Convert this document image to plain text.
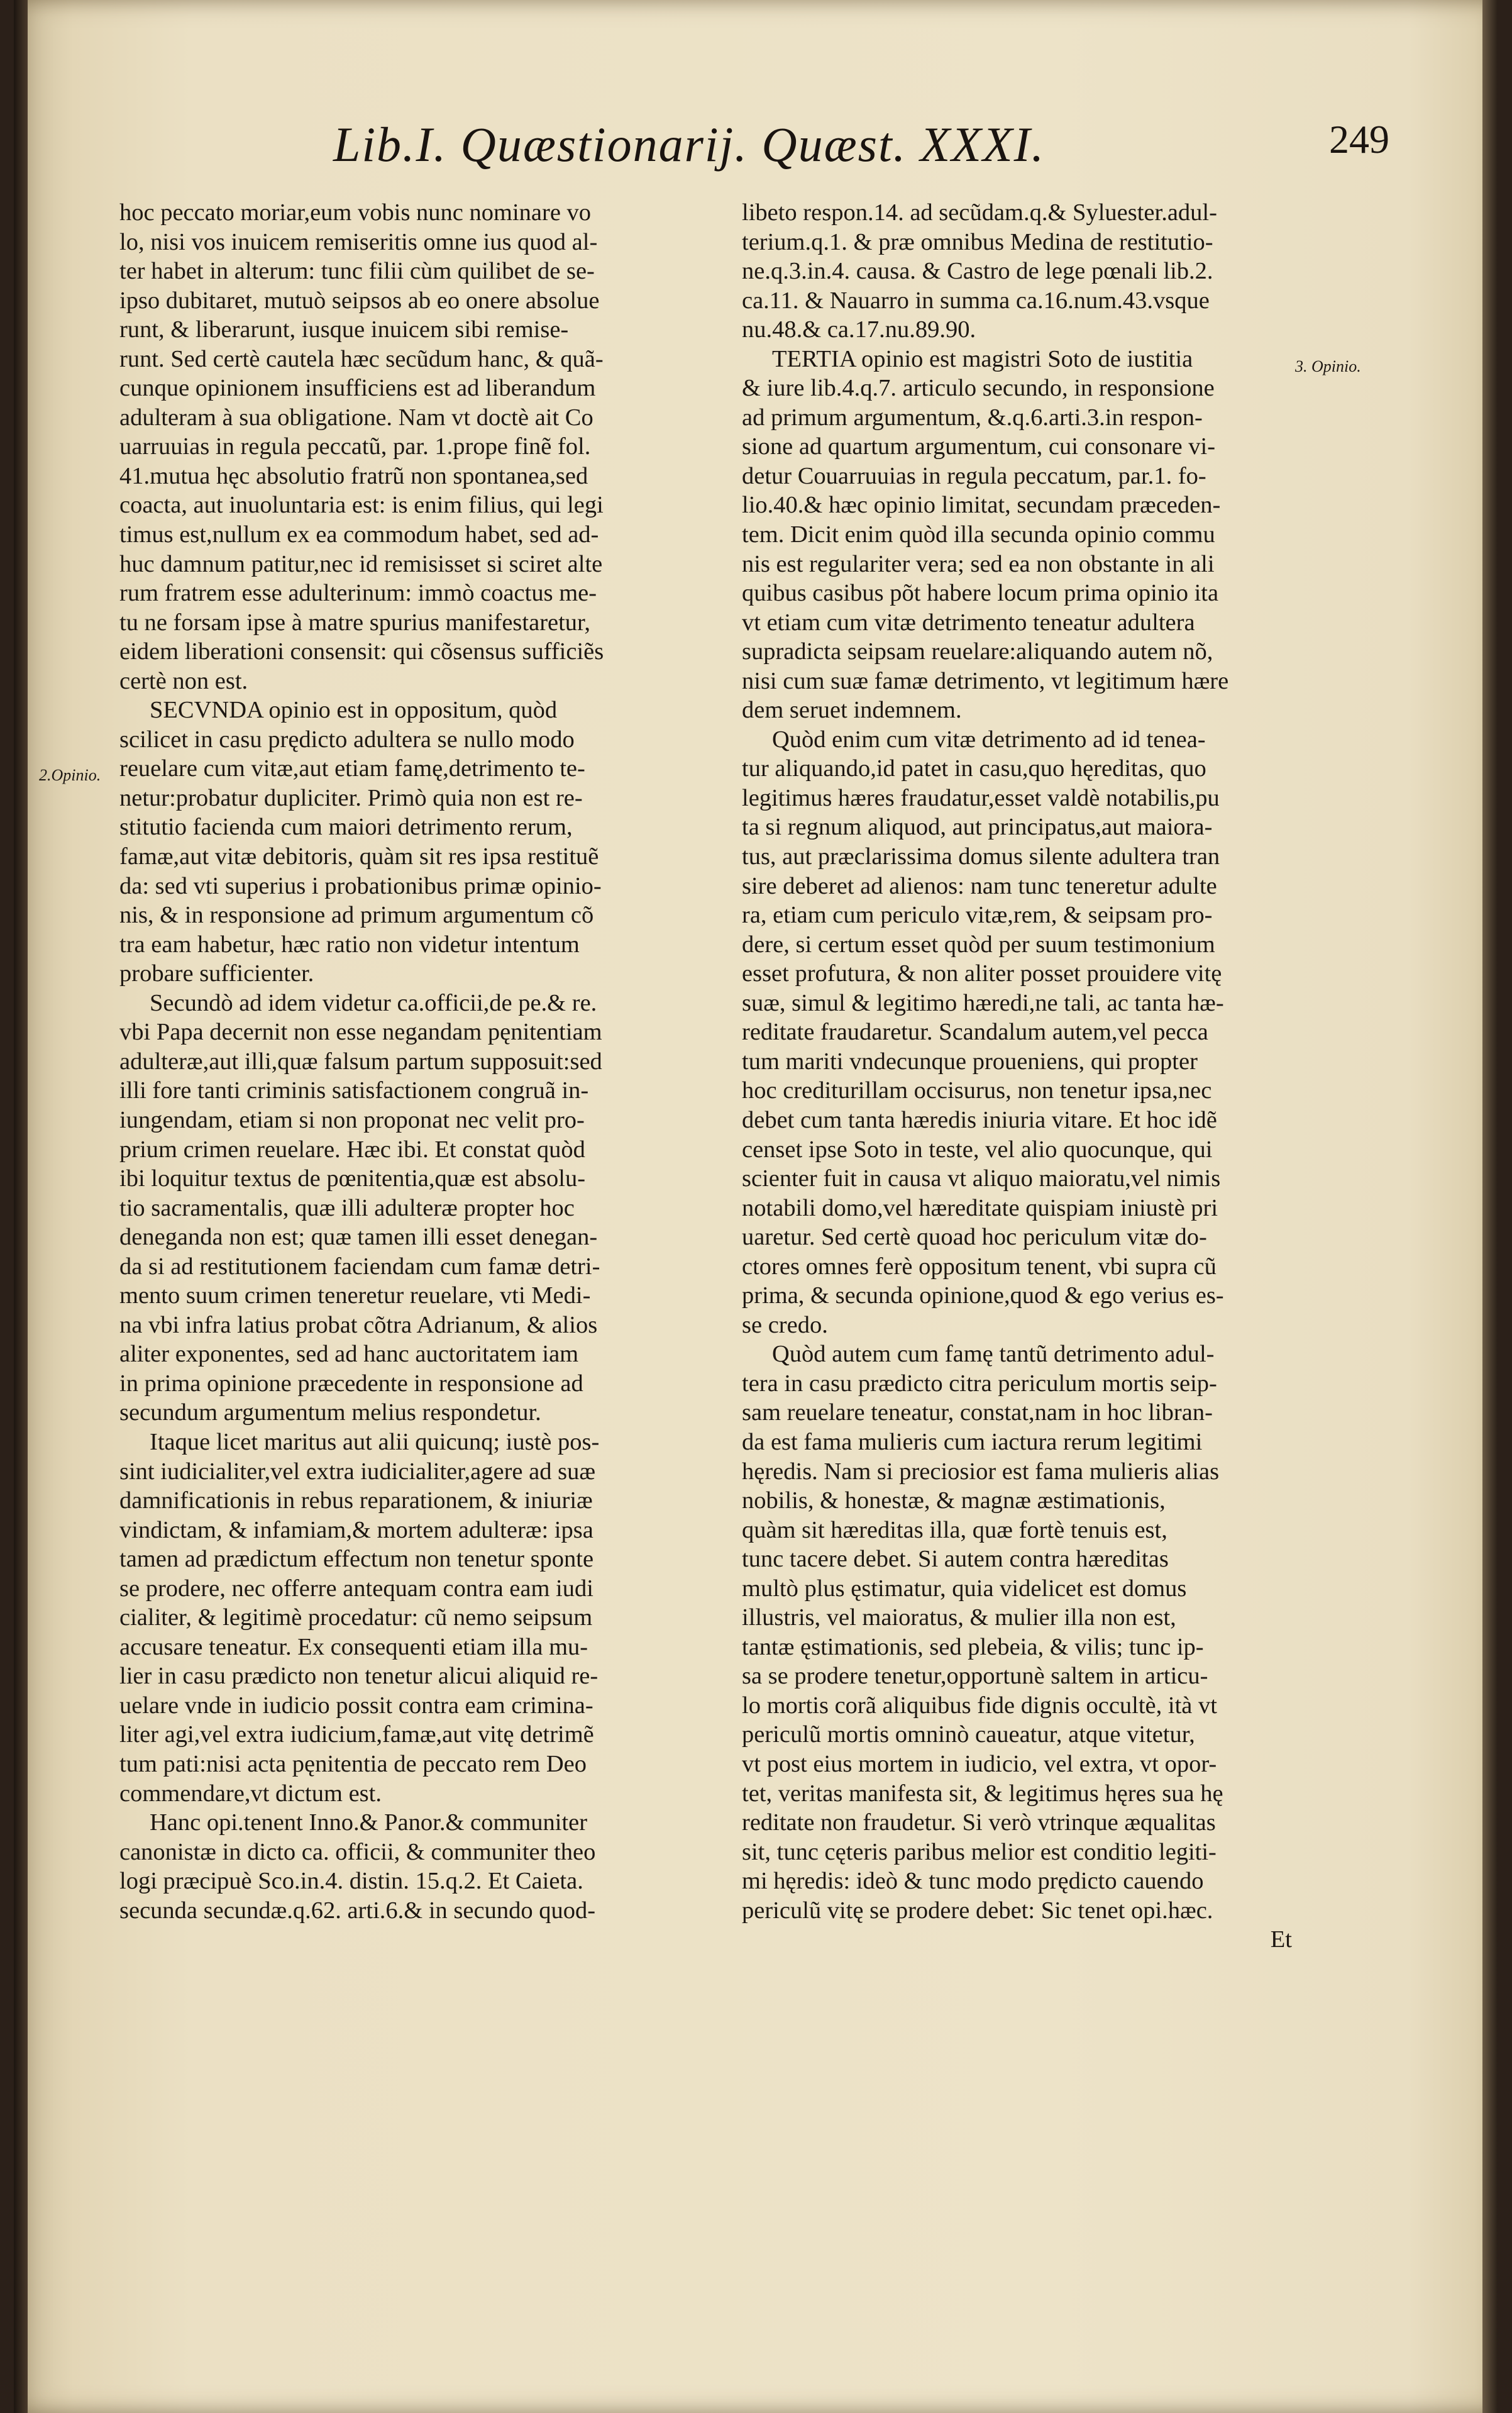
Lib.I. Quæstionarij. Quæst. XXXI.	249
2.Opinio.
3. Opinio.

hoc peccato moriar,eum vobis nunc nominare vo

lo, nisi vos inuicem remiseritis omne ius quod al-

ter habet in alterum: tunc filii cùm quilibet de se-

ipso dubitaret, mutuò seipsos ab eo onere absolue

runt, & liberarunt, iusque inuicem sibi remise-

runt. Sed certè cautela hæc secũdum hanc, & quã-

cunque opinionem insufficiens est ad liberandum

adulteram à sua obligatione. Nam vt doctè ait Co

uarruuias in regula peccatũ, par. 1.prope finẽ fol.

41.mutua hęc absolutio fratrũ non spontanea,sed

coacta, aut inuoluntaria est: is enim filius, qui legi

timus est,nullum ex ea commodum habet, sed ad-

huc damnum patitur,nec id remisisset si sciret alte

rum fratrem esse adulterinum: immò coactus me-

tu ne forsam ipse à matre spurius manifestaretur,

eidem liberationi consensit: qui cõsensus sufficiẽs

certè non est.

SECVNDA opinio est in oppositum, quòd

scilicet in casu prędicto adultera se nullo modo

reuelare cum vitæ,aut etiam famę,detrimento te-

netur:probatur dupliciter. Primò quia non est re-

stitutio facienda cum maiori detrimento rerum,

famæ,aut vitæ debitoris, quàm sit res ipsa restituẽ

da: sed vti superius i probationibus primæ opinio-

nis, & in responsione ad primum argumentum cõ

tra eam habetur, hæc ratio non videtur intentum

probare sufficienter.

Secundò ad idem videtur ca.officii,de pe.& re.

vbi Papa decernit non esse negandam pęnitentiam

adulteræ,aut illi,quæ falsum partum supposuit:sed

illi fore tanti criminis satisfactionem congruã in-

iungendam, etiam si non proponat nec velit pro-

prium crimen reuelare. Hæc ibi. Et constat quòd

ibi loquitur textus de pœnitentia,quæ est absolu-

tio sacramentalis, quæ illi adulteræ propter hoc

deneganda non est; quæ tamen illi esset denegan-

da si ad restitutionem faciendam cum famæ detri-

mento suum crimen teneretur reuelare, vti Medi-

na vbi infra latius probat cõtra Adrianum, & alios

aliter exponentes, sed ad hanc auctoritatem iam

in prima opinione præcedente in responsione ad

secundum argumentum melius respondetur.

Itaque licet maritus aut alii quicunq; iustè pos-

sint iudicialiter,vel extra iudicialiter,agere ad suæ

damnificationis in rebus reparationem, & iniuriæ

vindictam, & infamiam,& mortem adulteræ: ipsa

tamen ad prædictum effectum non tenetur sponte

se prodere, nec offerre antequam contra eam iudi

cialiter, & legitimè procedatur: cũ nemo seipsum

accusare teneatur. Ex consequenti etiam illa mu-

lier in casu prædicto non tenetur alicui aliquid re-

uelare vnde in iudicio possit contra eam crimina-

liter agi,vel extra iudicium,famæ,aut vitę detrimẽ

tum pati:nisi acta pęnitentia de peccato rem Deo

commendare,vt dictum est.

Hanc opi.tenent Inno.& Panor.& communiter

canonistæ in dicto ca. officii, & communiter theo

logi præcipuè Sco.in.4. distin. 15.q.2. Et Caieta.

secunda secundæ.q.62. arti.6.& in secundo quod-

libeto respon.14. ad secũdam.q.& Syluester.adul-

terium.q.1. & præ omnibus Medina de restitutio-

ne.q.3.in.4. causa. & Castro de lege pœnali lib.2.

ca.11. & Nauarro in summa ca.16.num.43.vsque

nu.48.& ca.17.nu.89.90.

TERTIA opinio est magistri Soto de iustitia

& iure lib.4.q.7. articulo secundo, in responsione

ad primum argumentum, &.q.6.arti.3.in respon-

sione ad quartum argumentum, cui consonare vi-

detur Couarruuias in regula peccatum, par.1. fo-

lio.40.& hæc opinio limitat, secundam præceden-

tem. Dicit enim quòd illa secunda opinio commu

nis est regulariter vera; sed ea non obstante in ali

quibus casibus põt habere locum prima opinio ita

vt etiam cum vitæ detrimento teneatur adultera

supradicta seipsam reuelare:aliquando autem nõ,

nisi cum suæ famæ detrimento, vt legitimum hære

dem seruet indemnem.

Quòd enim cum vitæ detrimento ad id tenea-

tur aliquando,id patet in casu,quo hęreditas, quo

legitimus hæres fraudatur,esset valdè notabilis,pu

ta si regnum aliquod, aut principatus,aut maiora-

tus, aut præclarissima domus silente adultera tran

sire deberet ad alienos: nam tunc teneretur adulte

ra, etiam cum periculo vitæ,rem, & seipsam pro-

dere, si certum esset quòd per suum testimonium

esset profutura, & non aliter posset prouidere vitę

suæ, simul & legitimo hæredi,ne tali, ac tanta hæ-

reditate fraudaretur. Scandalum autem,vel pecca

tum mariti vndecunque proueniens, qui propter

hoc crediturillam occisurus, non tenetur ipsa,nec

debet cum tanta hæredis iniuria vitare. Et hoc idẽ

censet ipse Soto in teste, vel alio quocunque, qui

scienter fuit in causa vt aliquo maioratu,vel nimis

notabili domo,vel hæreditate quispiam iniustè pri

uaretur. Sed certè quoad hoc periculum vitæ do-

ctores omnes ferè oppositum tenent, vbi supra cũ

prima, & secunda opinione,quod & ego verius es-

se credo.

Quòd autem cum famę tantũ detrimento adul-

tera in casu prædicto citra periculum mortis seip-

sam reuelare teneatur, constat,nam in hoc libran-

da est fama mulieris cum iactura rerum legitimi

hęredis. Nam si preciosior est fama mulieris alias

nobilis, & honestæ, & magnæ æstimationis,

quàm sit hæreditas illa, quæ fortè tenuis est,

tunc tacere debet. Si autem contra hæreditas

multò plus ęstimatur, quia videlicet est domus

illustris, vel maioratus, & mulier illa non est,

tantæ ęstimationis, sed plebeia, & vilis; tunc ip-

sa se prodere tenetur,opportunè saltem in articu-

lo mortis corã aliquibus fide dignis occultè, ità vt

periculũ mortis omninò caueatur, atque vitetur,

vt post eius mortem in iudicio, vel extra, vt opor-

tet, veritas manifesta sit, & legitimus hęres sua hę

reditate non fraudetur. Si verò vtrinque æqualitas

sit, tunc cęteris paribus melior est conditio legiti-

mi hęredis: ideò & tunc modo prędicto cauendo

periculũ vitę se prodere debet: Sic tenet opi.hæc.

Et
